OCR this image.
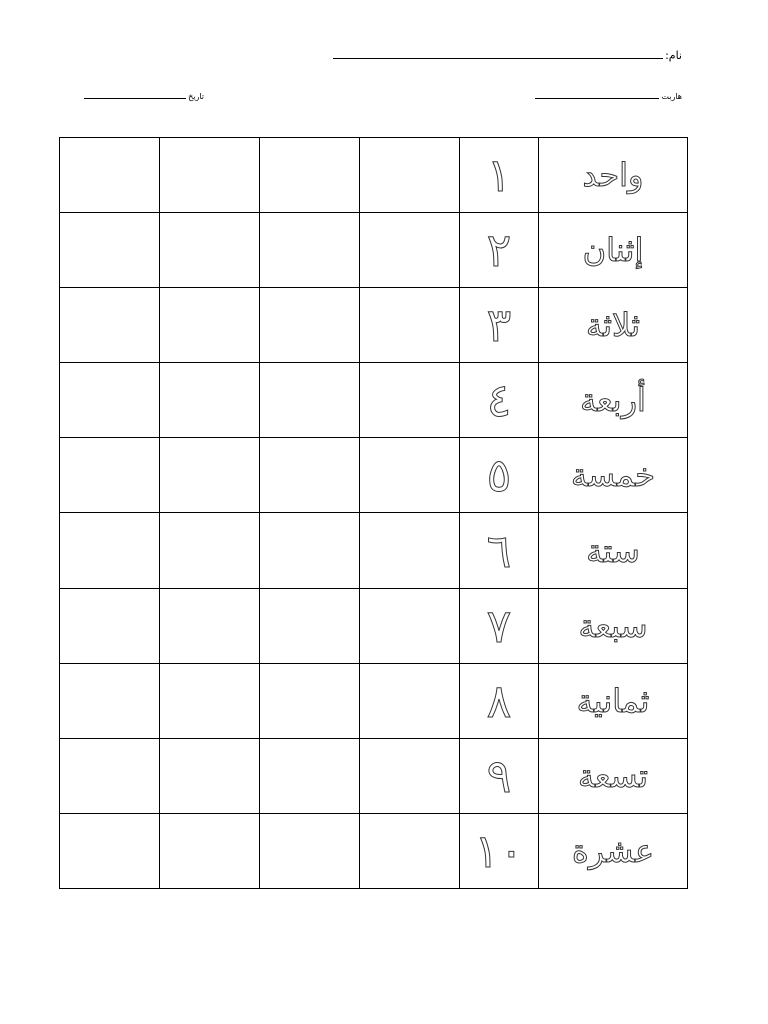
نام:
هاربت
تاریخ
واحد	١				
إثنان	٢				
ثلاثة	٣				
أربعة	٤				
خمسة	٥				
ستة	٦				
سبعة	٧				
ثمانية	٨				
تسعة	٩				
عشرة	١٠				
